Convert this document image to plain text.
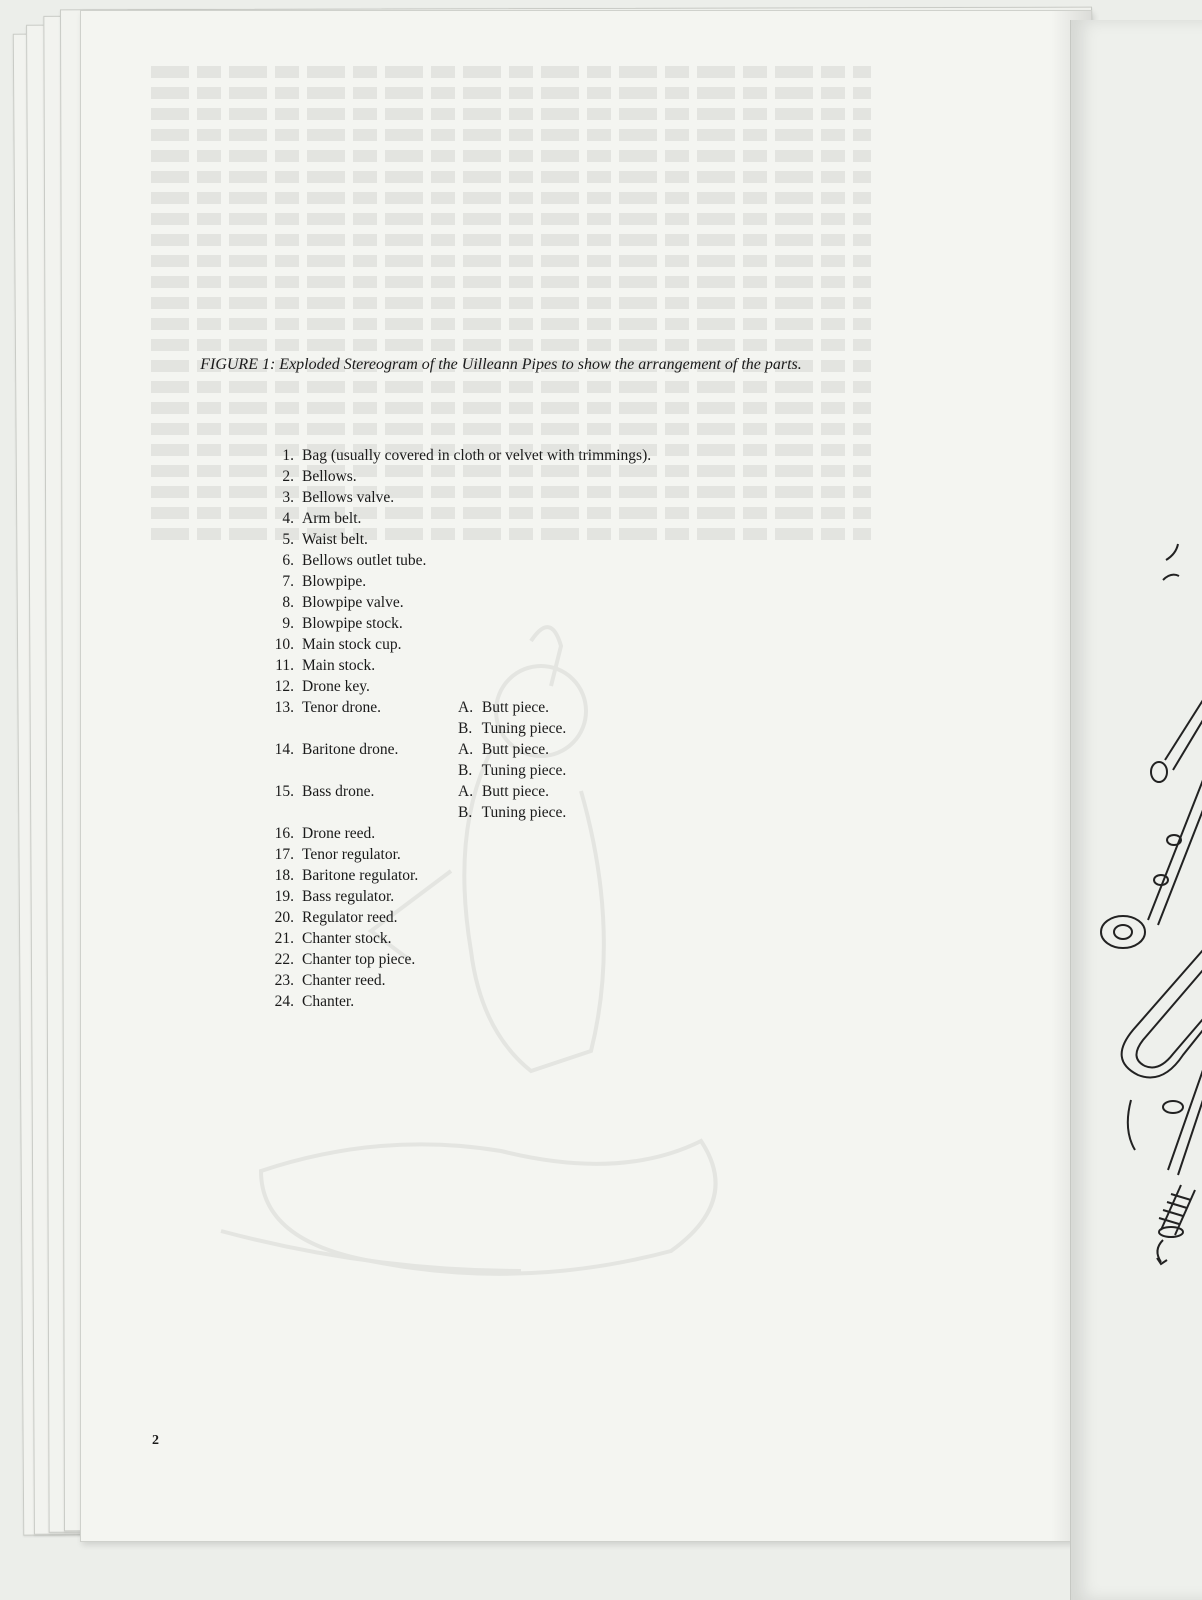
FIGURE 1: Exploded Stereogram of the Uilleann Pipes to show the arrangement of the parts.
1. Bag (usually covered in cloth or velvet with trimmings).
2. Bellows.
3. Bellows valve.
4. Arm belt.
5. Waist belt.
6. Bellows outlet tube.
7. Blowpipe.
8. Blowpipe valve.
9. Blowpipe stock.
10. Main stock cup.
11. Main stock.
12. Drone key.
13. Tenor drone.	A. Butt piece.
B. Tuning piece.
14. Baritone drone.	A. Butt piece.
B. Tuning piece.
15. Bass drone.	A. Butt piece.
B. Tuning piece.
16. Drone reed.
17. Tenor regulator.
18. Baritone regulator.
19. Bass regulator.
20. Regulator reed.
21. Chanter stock.
22. Chanter top piece.
23. Chanter reed.
24. Chanter.
2
